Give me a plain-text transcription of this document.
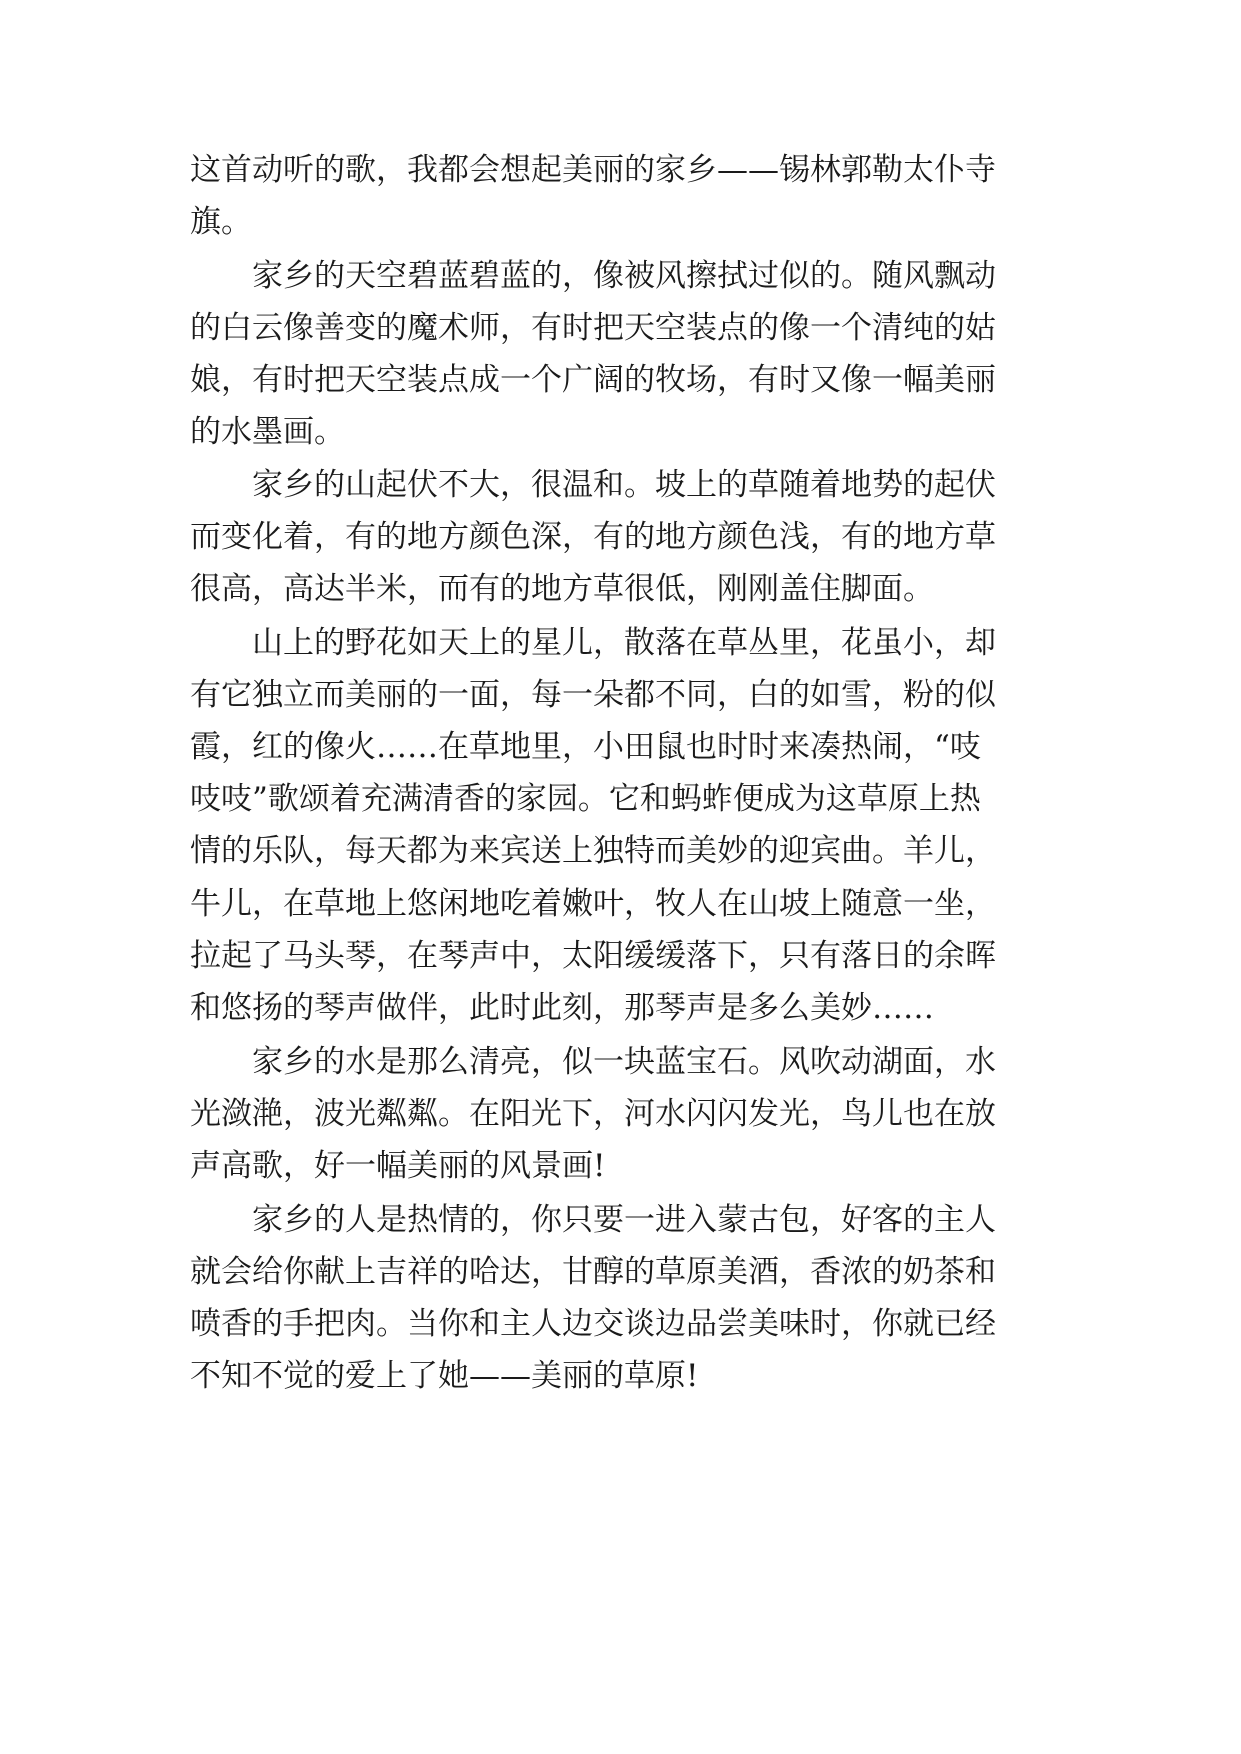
这首动听的歌，我都会想起美丽的家乡——锡林郭勒太仆寺

旗。

家乡的天空碧蓝碧蓝的，像被风擦拭过似的。随风飘动

的白云像善变的魔术师，有时把天空装点的像一个清纯的姑

娘，有时把天空装点成一个广阔的牧场，有时又像一幅美丽

的水墨画。

家乡的山起伏不大，很温和。坡上的草随着地势的起伏

而变化着，有的地方颜色深，有的地方颜色浅，有的地方草

很高，高达半米，而有的地方草很低，刚刚盖住脚面。

山上的野花如天上的星儿，散落在草丛里，花虽小，却

有它独立而美丽的一面，每一朵都不同，白的如雪，粉的似

霞，红的像火……在草地里，小田鼠也时时来凑热闹，“吱

吱吱”歌颂着充满清香的家园。它和蚂蚱便成为这草原上热

情的乐队，每天都为来宾送上独特而美妙的迎宾曲。羊儿，

牛儿，在草地上悠闲地吃着嫩叶，牧人在山坡上随意一坐，

拉起了马头琴，在琴声中，太阳缓缓落下，只有落日的余晖

和悠扬的琴声做伴，此时此刻，那琴声是多么美妙……

家乡的水是那么清亮，似一块蓝宝石。风吹动湖面，水

光潋滟，波光粼粼。在阳光下，河水闪闪发光，鸟儿也在放

声高歌，好一幅美丽的风景画!

家乡的人是热情的，你只要一进入蒙古包，好客的主人

就会给你献上吉祥的哈达，甘醇的草原美酒，香浓的奶茶和

喷香的手把肉。当你和主人边交谈边品尝美味时，你就已经

不知不觉的爱上了她——美丽的草原!
